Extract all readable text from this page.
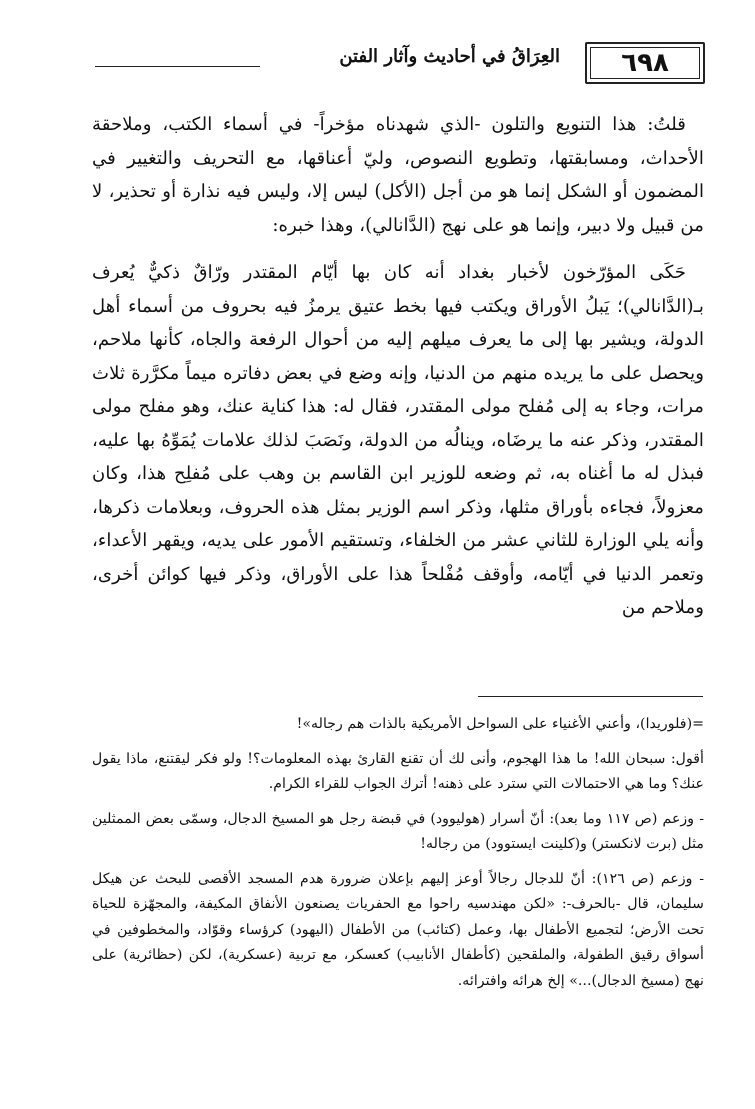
٦٩٨
العِرَاقُ في أحاديث وآثار الفتن

قلتُ: هذا التنويع والتلون -الذي شهدناه مؤخراً- في أسماء الكتب، وملاحقة الأحداث، ومسابقتها، وتطويع النصوص، وليّ أعناقها، مع التحريف والتغيير في المضمون أو الشكل إنما هو من أجل (الأكل) ليس إلا، وليس فيه نذارة أو تحذير، لا من قبيل ولا دبير، وإنما هو على نهج (الدَّانالي)، وهذا خبره:

حَكَى المؤرّخون لأخبار بغداد أنه كان بها أيّام المقتدر ورّاقٌ ذكيٌّ يُعرف بـ(الدَّانالي)؛ يَبلُ الأوراق ويكتب فيها بخط عتيق يرمزُ فيه بحروف من أسماء أهل الدولة، ويشير بها إلى ما يعرف ميلهم إليه من أحوال الرفعة والجاه، كأنها ملاحم، ويحصل على ما يريده منهم من الدنيا، وإنه وضع في بعض دفاتره ميماً مكرَّرة ثلاث مرات، وجاء به إلى مُفلح مولى المقتدر، فقال له: هذا كناية عنك، وهو مفلح مولى المقتدر، وذكر عنه ما يرضَاه، وينالُه من الدولة، ونَصَبَ لذلك علامات يُمَوِّهُ بها عليه، فبذل له ما أغناه به، ثم وضعه للوزير ابن القاسم بن وهب على مُفلِح هذا، وكان معزولاً، فجاءه بأوراق مثلها، وذكر اسم الوزير بمثل هذه الحروف، وبعلامات ذكرها، وأنه يلي الوزارة للثاني عشر من الخلفاء، وتستقيم الأمور على يديه، ويقهر الأعداء، وتعمر الدنيا في أيّامه، وأوقف مُفْلحاً هذا على الأوراق، وذكر فيها كوائن أخرى، وملاحم من

=(فلوريدا)، وأعني الأغنياء على السواحل الأمريكية بالذات هم رجاله»!

أقول: سبحان الله! ما هذا الهجوم، وأنى لك أن تقنع القارئ بهذه المعلومات؟! ولو فكر ليقتنع، ماذا يقول عنك؟ وما هي الاحتمالات التي سترد على ذهنه! أترك الجواب للقراء الكرام.

- وزعم (ص ١١٧ وما بعد): أنّ أسرار (هوليوود) في قبضة رجل هو المسيخ الدجال، وسمّى بعض الممثلين مثل (برت لانكستر) و(كلينت ايستوود) من رجاله!

- وزعم (ص ١٢٦): أنّ للدجال رجالاً أوعز إليهم بإعلان ضرورة هدم المسجد الأقصى للبحث عن هيكل سليمان، قال -بالحرف-: «لكن مهندسيه راحوا مع الحفريات يصنعون الأنفاق المكيفة، والمجهّزة للحياة تحت الأرض؛ لتجميع الأطفال بها، وعمل (كتائب) من الأطفال (اليهود) كرؤساء وقوّاد، والمخطوفين في أسواق رقيق الطفولة، والملقحين (كأطفال الأنابيب) كعسكر، مع تربية (عسكرية)، لكن (حظائرية) على نهج (مسيخ الدجال)...» إلخ هرائه وافترائه.
